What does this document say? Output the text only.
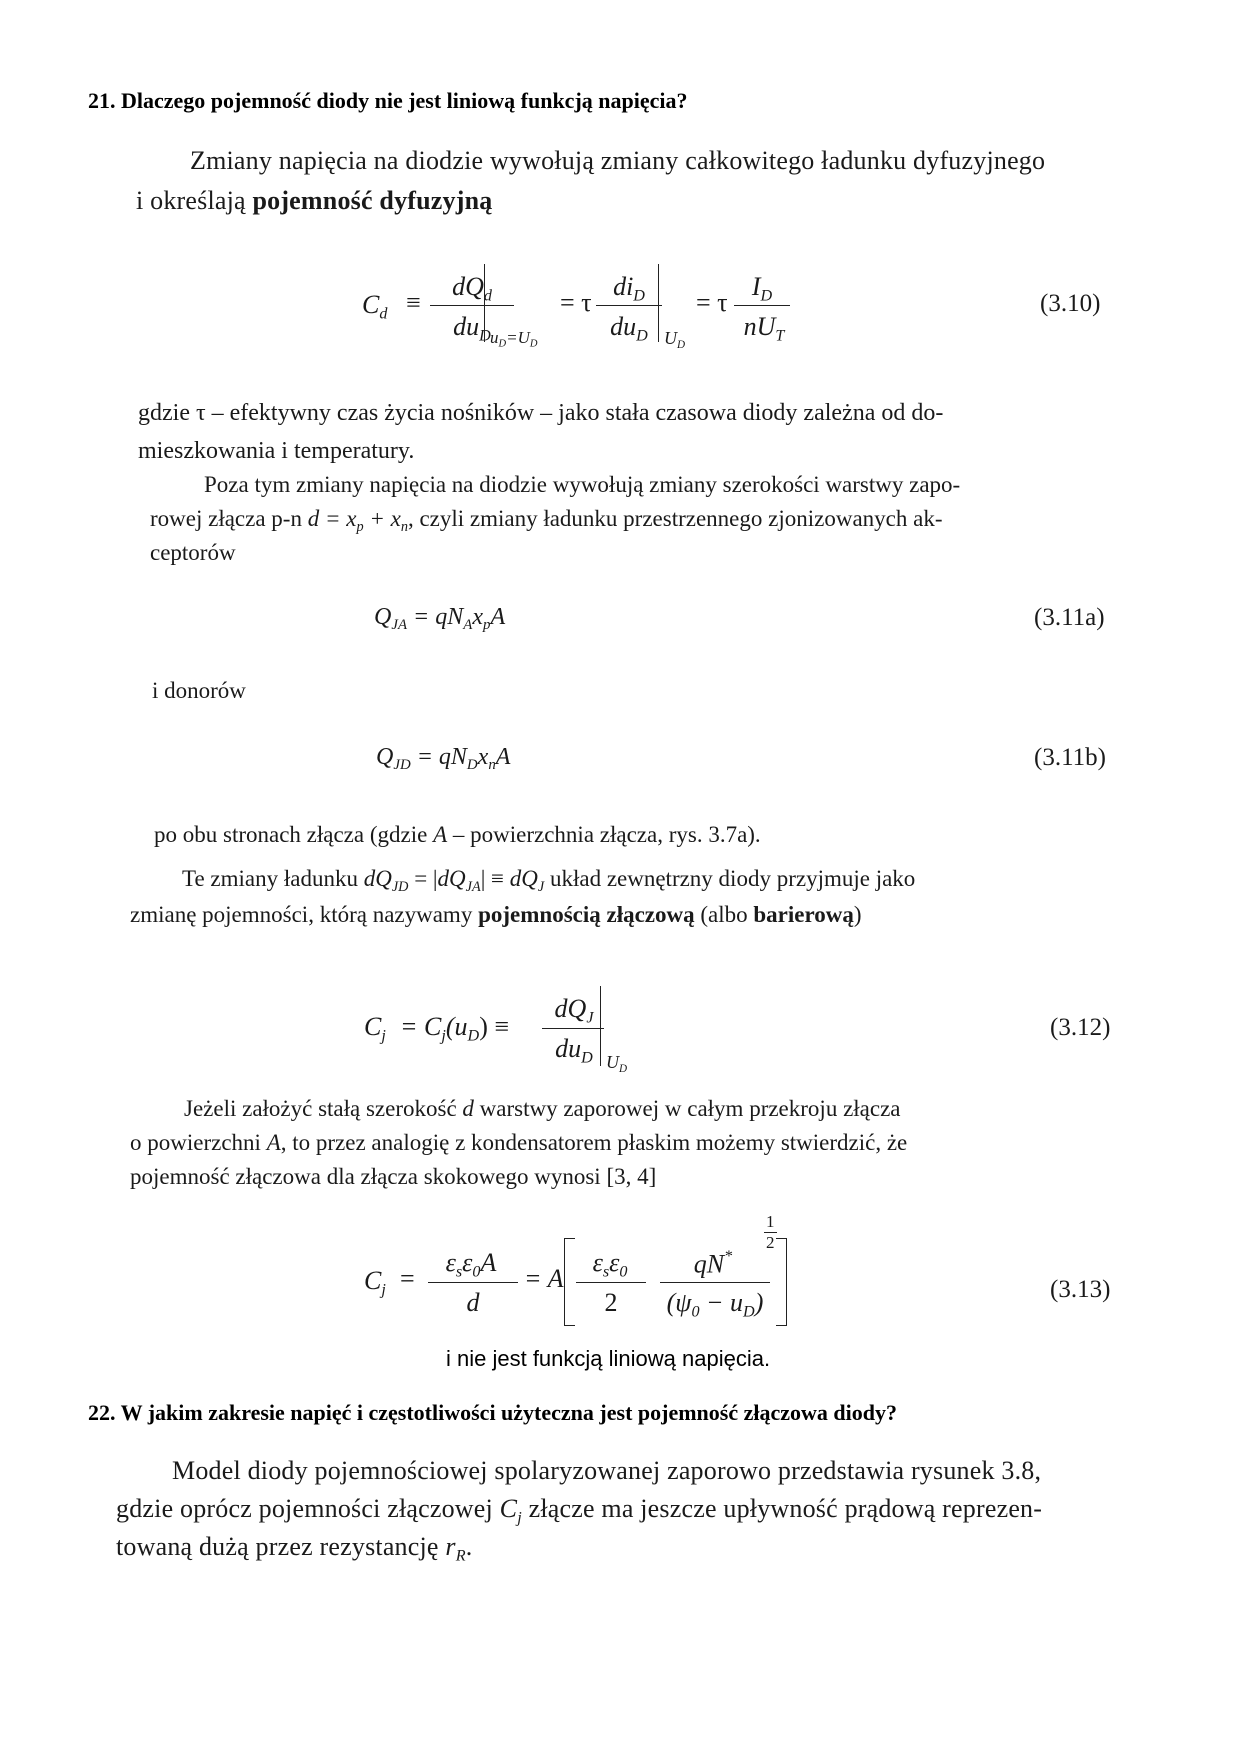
21. Dlaczego pojemność diody nie jest liniową funkcją napięcia?
Zmiany napięcia na diodzie wywołują zmiany całkowitego ładunku dyfuzyjnego
i określają pojemność dyfuzyjną
$C_d$ ≡
$dQ_d$
$du_D$ $u_D=U_D$
= τ
$di_D$
$du_D$ $U_D$
= τ
$I_D$
$nU_T$
(3.10)
gdzie τ – efektywny czas życia nośników – jako stała czasowa diody zależna od do-
mieszkowania i temperatury.
Poza tym zmiany napięcia na diodzie wywołują zmiany szerokości warstwy zapo-
rowej złącza p-n $d = x_p + x_n$, czyli zmiany ładunku przestrzennego zjonizowanych ak-
ceptorów
$Q_{JA} = qN_Ax_pA$	(3.11a)
i donorów
$Q_{JD} = qN_Dx_nA$	(3.11b)
po obu stronach złącza (gdzie A – powierzchnia złącza, rys. 3.7a).
Te zmiany ładunku $dQ_{JD} = |dQ_{JA}| \equiv dQ_J$ układ zewnętrzny diody przyjmuje jako
zmianę pojemności, którą nazywamy pojemnością złączową (albo barierową)
$C_j = C_j(u_D)$ ≡
$dQ_J$
$du_D$ $U_D$
(3.12)
Jeżeli założyć stałą szerokość d warstwy zaporowej w całym przekroju złącza
o powierzchni A, to przez analogię z kondensatorem płaskim możemy stwierdzić, że
pojemność złączowa dla złącza skokowego wynosi [3, 4]
$C_j$ =
$\varepsilon_s\varepsilon_0A$
d
= A
$\varepsilon_s\varepsilon_0$
2
qN*
$(\psi_0 - u_D)$
1
2
(3.13)
i nie jest funkcją liniową napięcia.
22. W jakim zakresie napięć i częstotliwości użyteczna jest pojemność złączowa diody?
Model diody pojemnościowej spolaryzowanej zaporowo przedstawia rysunek 3.8,
gdzie oprócz pojemności złączowej $C_j$ złącze ma jeszcze upływność prądową reprezen-
towaną dużą przez rezystancję $r_R$.
